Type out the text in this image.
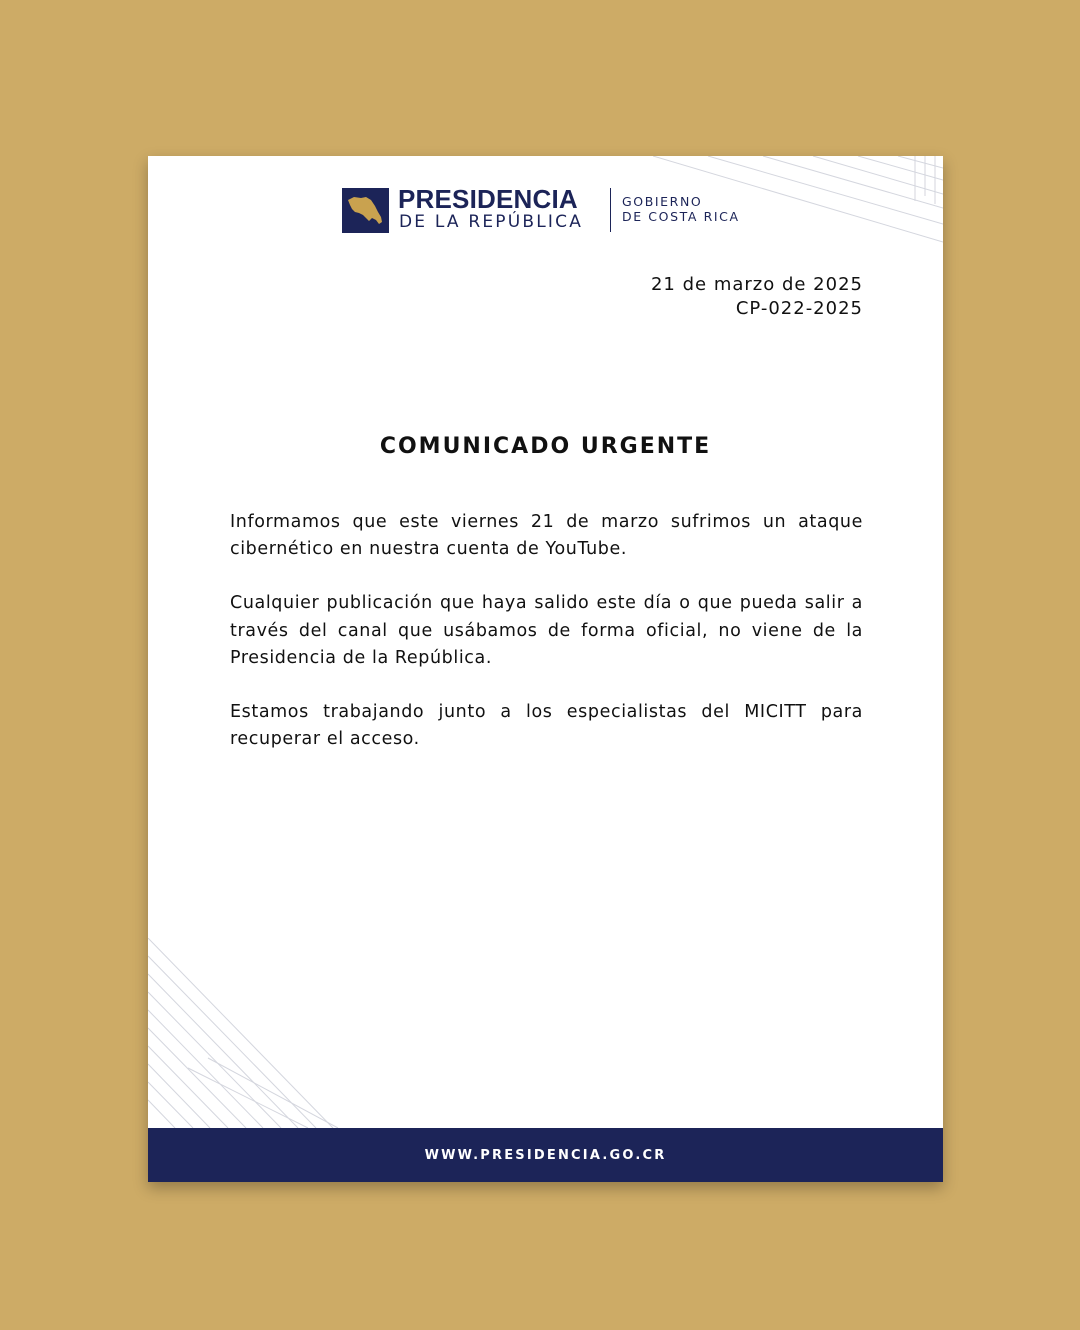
PRESIDENCIA
DE LA REPÚBLICA
GOBIERNO
DE COSTA RICA
21 de marzo de 2025
CP-022-2025
COMUNICADO URGENTE

Informamos que este viernes 21 de marzo sufrimos un ataque cibernético en nuestra cuenta de YouTube.

Cualquier publicación que haya salido este día o que pueda salir a través del canal que usábamos de forma oficial, no viene de la Presidencia de la República.

Estamos trabajando junto a los especialistas del MICITT para recuperar el acceso.

WWW.PRESIDENCIA.GO.CR
